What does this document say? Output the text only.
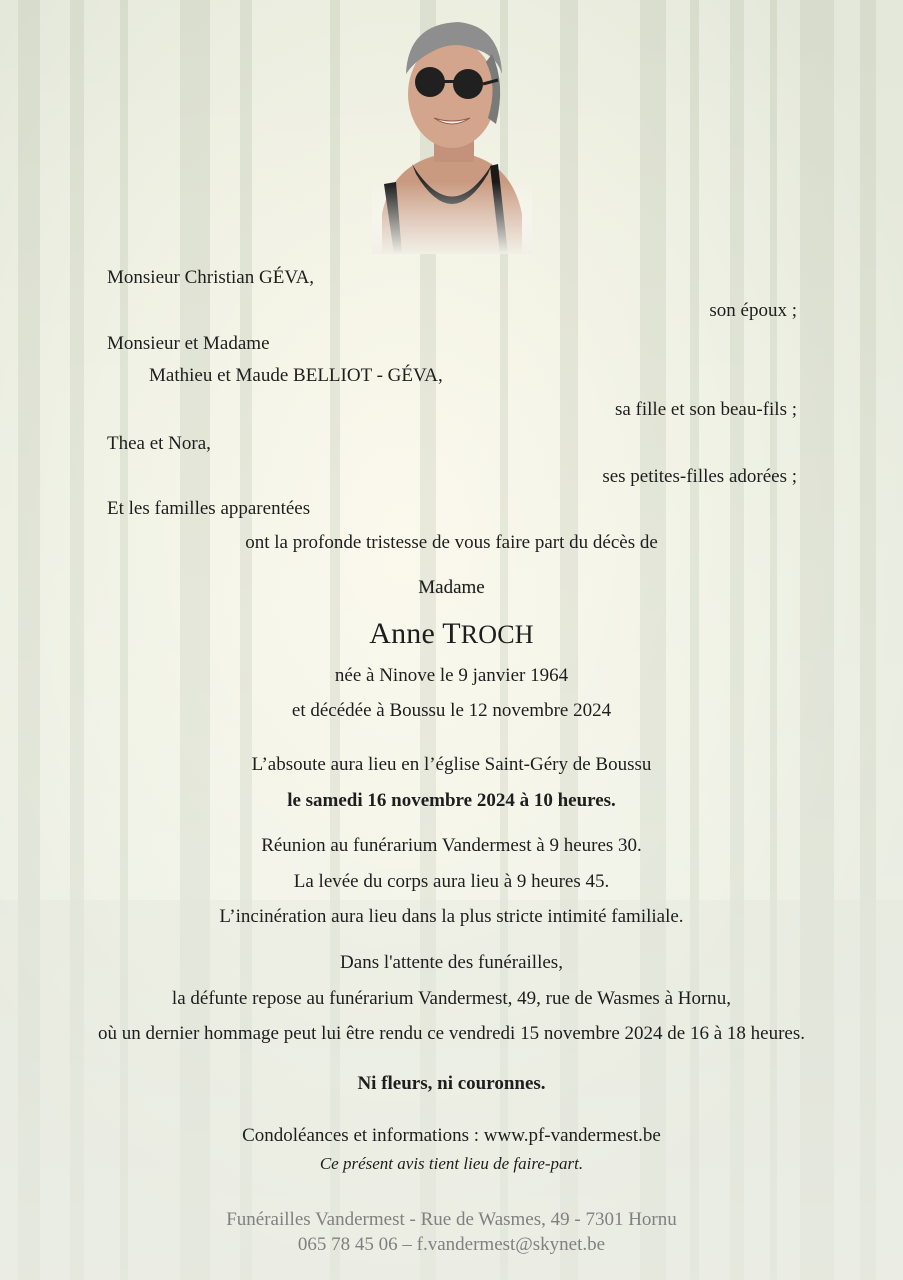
Monsieur Christian GÉVA,
son époux ;
Monsieur et Madame
Mathieu et Maude BELLIOT - GÉVA,
sa fille et son beau-fils ;
Thea et Nora,
ses petites-filles adorées ;
Et les familles apparentées
ont la profonde tristesse de vous faire part du décès de
Madame
Anne TROCH
née à Ninove le 9 janvier 1964
et décédée à Boussu le 12 novembre 2024
L’absoute aura lieu en l’église Saint-Géry de Boussu
le samedi 16 novembre 2024 à 10 heures.
Réunion au funérarium Vandermest à 9 heures 30.
La levée du corps aura lieu à 9 heures 45.
L’incinération aura lieu dans la plus stricte intimité familiale.
Dans l'attente des funérailles,
la défunte repose au funérarium Vandermest, 49, rue de Wasmes à Hornu,
où un dernier hommage peut lui être rendu ce vendredi 15 novembre 2024 de 16 à 18 heures.
Ni fleurs, ni couronnes.
Condoléances et informations : www.pf-vandermest.be
Ce présent avis tient lieu de faire-part.
Funérailles Vandermest - Rue de Wasmes, 49 - 7301 Hornu
065 78 45 06 – f.vandermest@skynet.be
